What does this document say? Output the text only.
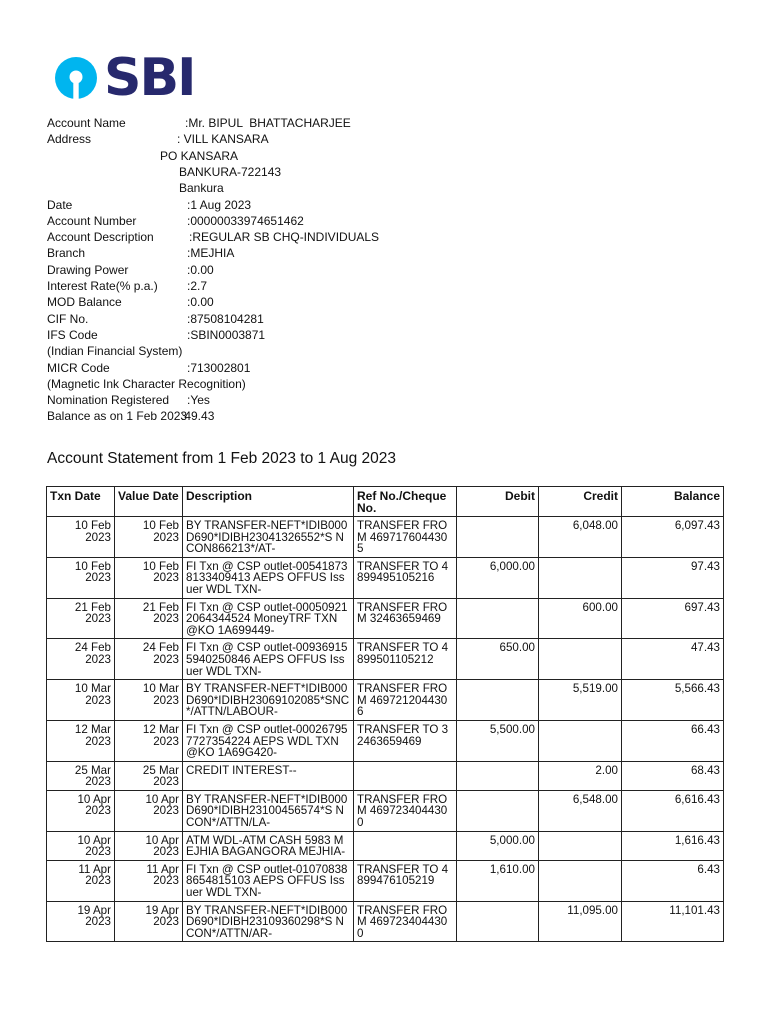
SBI
Account Name	:Mr. BIPUL  BHATTACHARJEE
Address	: VILL KANSARA
PO KANSARA
BANKURA-722143
Bankura
Date	:1 Aug 2023
Account Number	:00000033974651462
Account Description	:REGULAR SB CHQ-INDIVIDUALS
Branch	:MEJHIA
Drawing Power	:0.00
Interest Rate(% p.a.) :2.7
MOD Balance	:0.00
CIF No.	:87508104281
IFS Code	:SBIN0003871
(Indian Financial System)
MICR Code	:713002801
(Magnetic Ink Character Recognition)
Nomination Registered :Yes
Balance as on 1 Feb 2023
:49.43
Account Statement from 1 Feb 2023 to 1 Aug 2023
Txn Date	Value Date	Description	Ref No./Cheque No.	Debit	Credit	Balance
10 Feb 2023	10 Feb 2023	BY TRANSFER-NEFT*IDIB000D690*IDIBH23041326552*S NCON866213*/AT-	TRANSFER FROM 4697176044305		6,048.00	6,097.43
10 Feb 2023	10 Feb 2023	FI Txn @ CSP outlet-005418738133409413 AEPS OFFUS Issuer WDL TXN-	TRANSFER TO 4899495105216	6,000.00		97.43
21 Feb 2023	21 Feb 2023	FI Txn @ CSP outlet-000509212064344524 MoneyTRF TXN @KO 1A699449-	TRANSFER FROM 32463659469		600.00	697.43
24 Feb 2023	24 Feb 2023	FI Txn @ CSP outlet-009369155940250846 AEPS OFFUS Issuer WDL TXN-	TRANSFER TO 4899501105212	650.00		47.43
10 Mar 2023	10 Mar 2023	BY TRANSFER-NEFT*IDIB000D690*IDIBH23069102085*SNC*/ATTN/LABOUR-	TRANSFER FROM 4697212044306		5,519.00	5,566.43
12 Mar 2023	12 Mar 2023	FI Txn @ CSP outlet-000267957727354224 AEPS WDL TXN @KO 1A69G420-	TRANSFER TO 32463659469	5,500.00		66.43
25 Mar 2023	25 Mar 2023	CREDIT INTEREST--			2.00	68.43
10 Apr 2023	10 Apr 2023	BY TRANSFER-NEFT*IDIB000D690*IDIBH23100456574*S N CON*/ATTN/LA-	TRANSFER FROM 4697234044300		6,548.00	6,616.43
10 Apr 2023	10 Apr 2023	ATM WDL-ATM CASH 5983 MEJHIA BAGANGORA MEJHIA-		5,000.00		1,616.43
11 Apr 2023	11 Apr 2023	FI Txn @ CSP outlet-010708388654815103 AEPS OFFUS Issuer WDL TXN-	TRANSFER TO 4899476105219	1,610.00		6.43
19 Apr 2023	19 Apr 2023	BY TRANSFER-NEFT*IDIB000D690*IDIBH23109360298*S N CON*/ATTN/AR-	TRANSFER FROM 4697234044300		11,095.00	11,101.43
